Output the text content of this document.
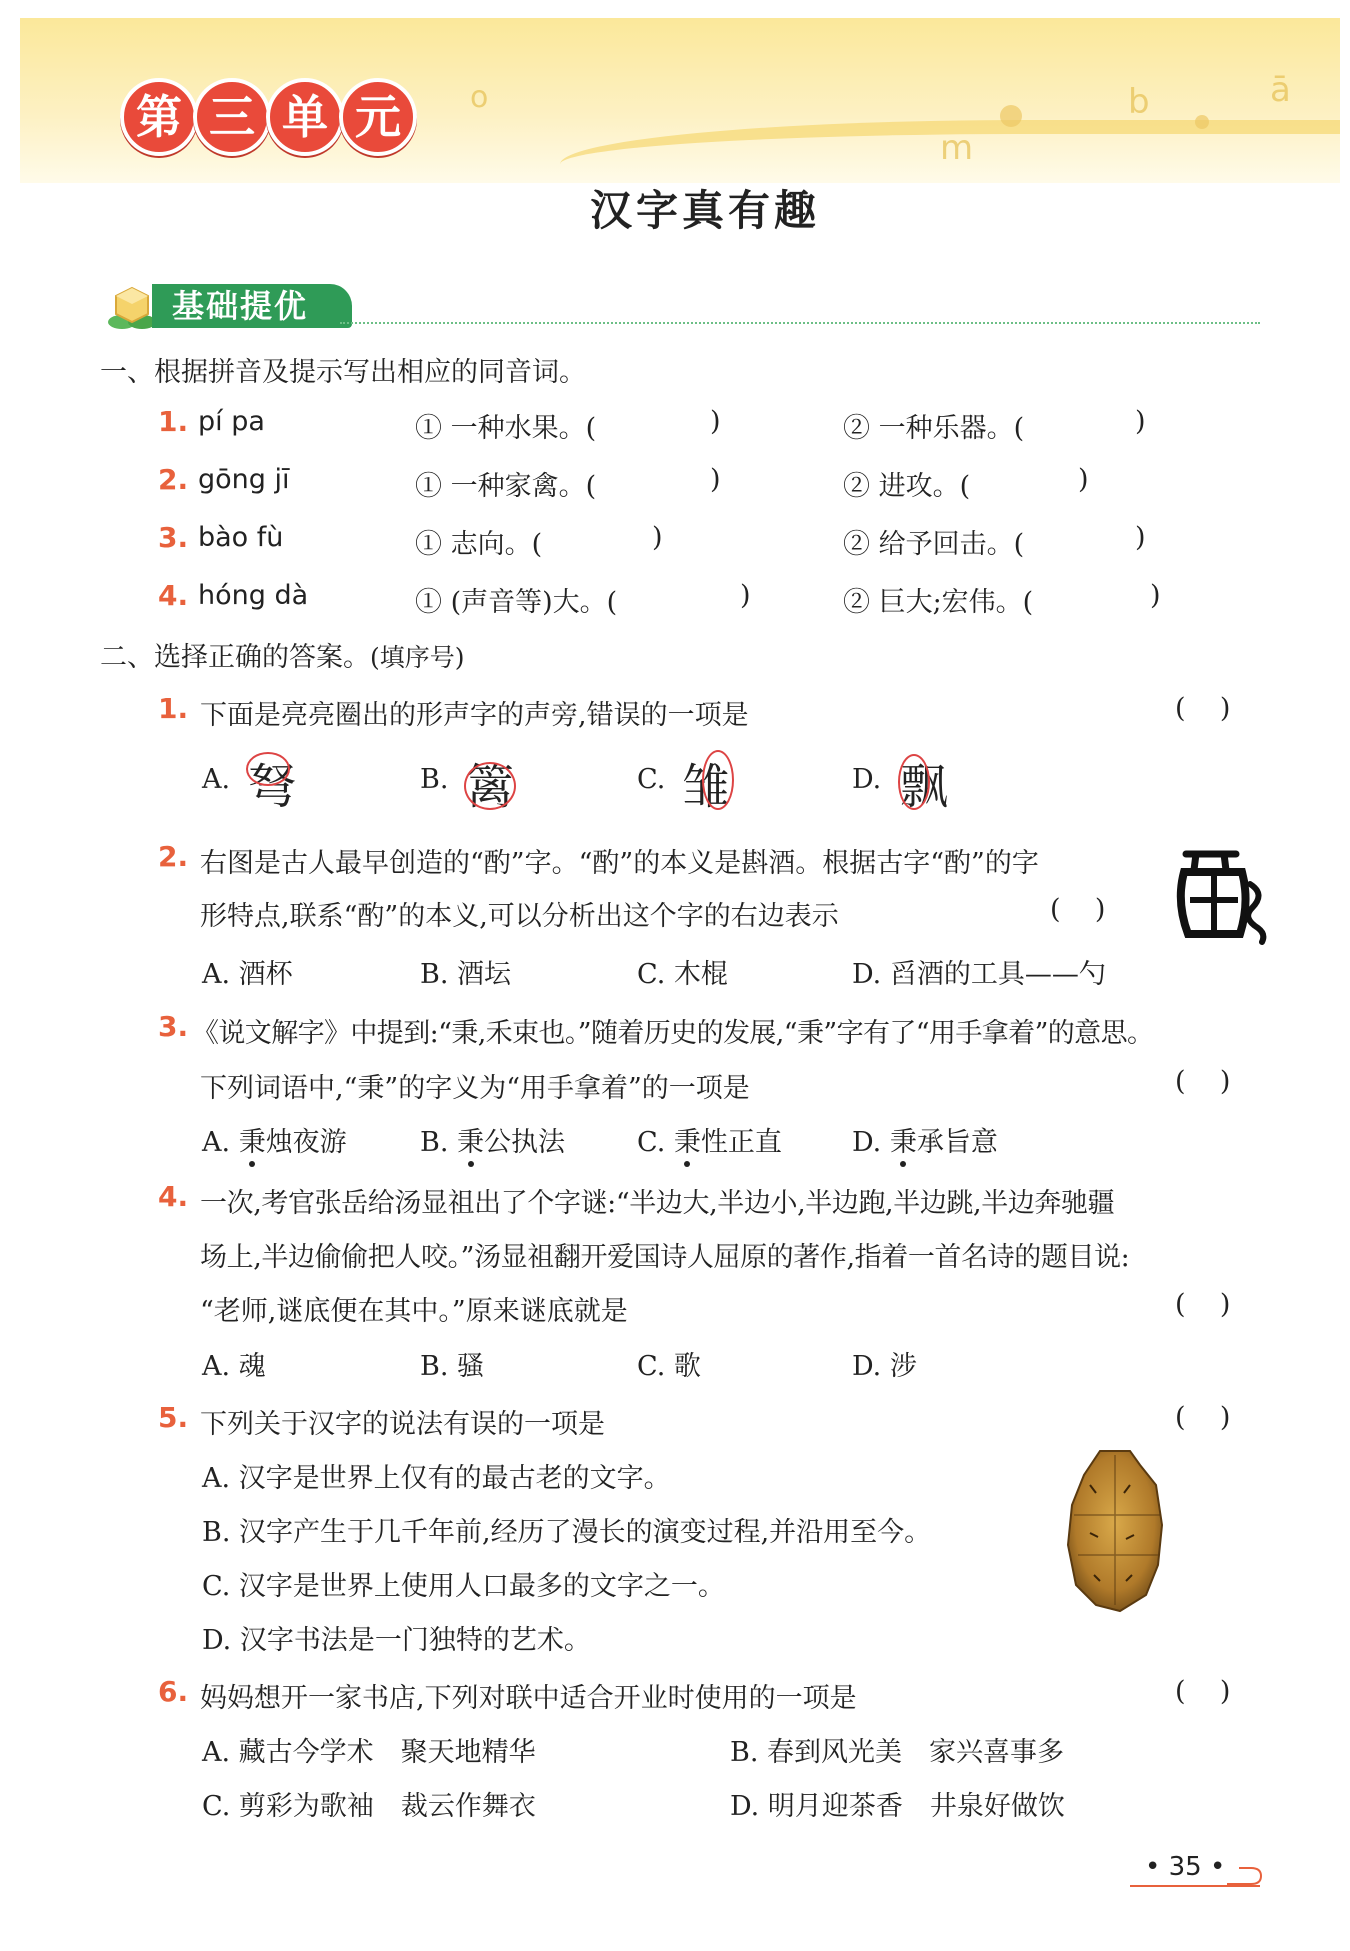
o	ā
b
m
第 三 单 元
汉字真有趣
基础提优
一、根据拼音及提示写出相应的同音词。
1. pí pa	① 一种水果。(	)	② 一种乐器。(	)
2. gōng jī	① 一种家禽。(	)	② 进攻。(	)
3. bào fù	① 志向。(	)	② 给予回击。(	)
4. hóng dà	① (声音等)大。(	)	② 巨大;宏伟。(	)
二、选择正确的答案。(填序号)
1. 下面是亮亮圈出的形声字的声旁,错误的一项是	(    )
A. 弩	B. 篱	C. 雏	D. 飘
2. 右图是古人最早创造的“酌”字。“酌”的本义是斟酒。根据古字“酌”的字
形特点,联系“酌”的本义,可以分析出这个字的右边表示	(    )
A. 酒杯	B. 酒坛	C. 木棍	D. 舀酒的工具——勺
3. 《说文解字》中提到:“秉,禾束也。”随着历史的发展,“秉”字有了“用手拿着”的意思。
下列词语中,“秉”的字义为“用手拿着”的一项是	(    )
A. 秉烛夜游	B. 秉公执法	C. 秉性正直	D. 秉承旨意
4. 一次,考官张岳给汤显祖出了个字谜:“半边大,半边小,半边跑,半边跳,半边奔驰疆
场上,半边偷偷把人咬。”汤显祖翻开爱国诗人屈原的著作,指着一首名诗的题目说:
“老师,谜底便在其中。”原来谜底就是	(    )
A. 魂	B. 骚	C. 歌	D. 涉
5. 下列关于汉字的说法有误的一项是	(    )
A. 汉字是世界上仅有的最古老的文字。
B. 汉字产生于几千年前,经历了漫长的演变过程,并沿用至今。
C. 汉字是世界上使用人口最多的文字之一。
D. 汉字书法是一门独特的艺术。
6. 妈妈想开一家书店,下列对联中适合开业时使用的一项是	(    )
A. 藏古今学术　聚天地精华	B. 春到风光美　家兴喜事多
C. 剪彩为歌袖　裁云作舞衣	D. 明月迎茶香　井泉好做饮
• 35 •
